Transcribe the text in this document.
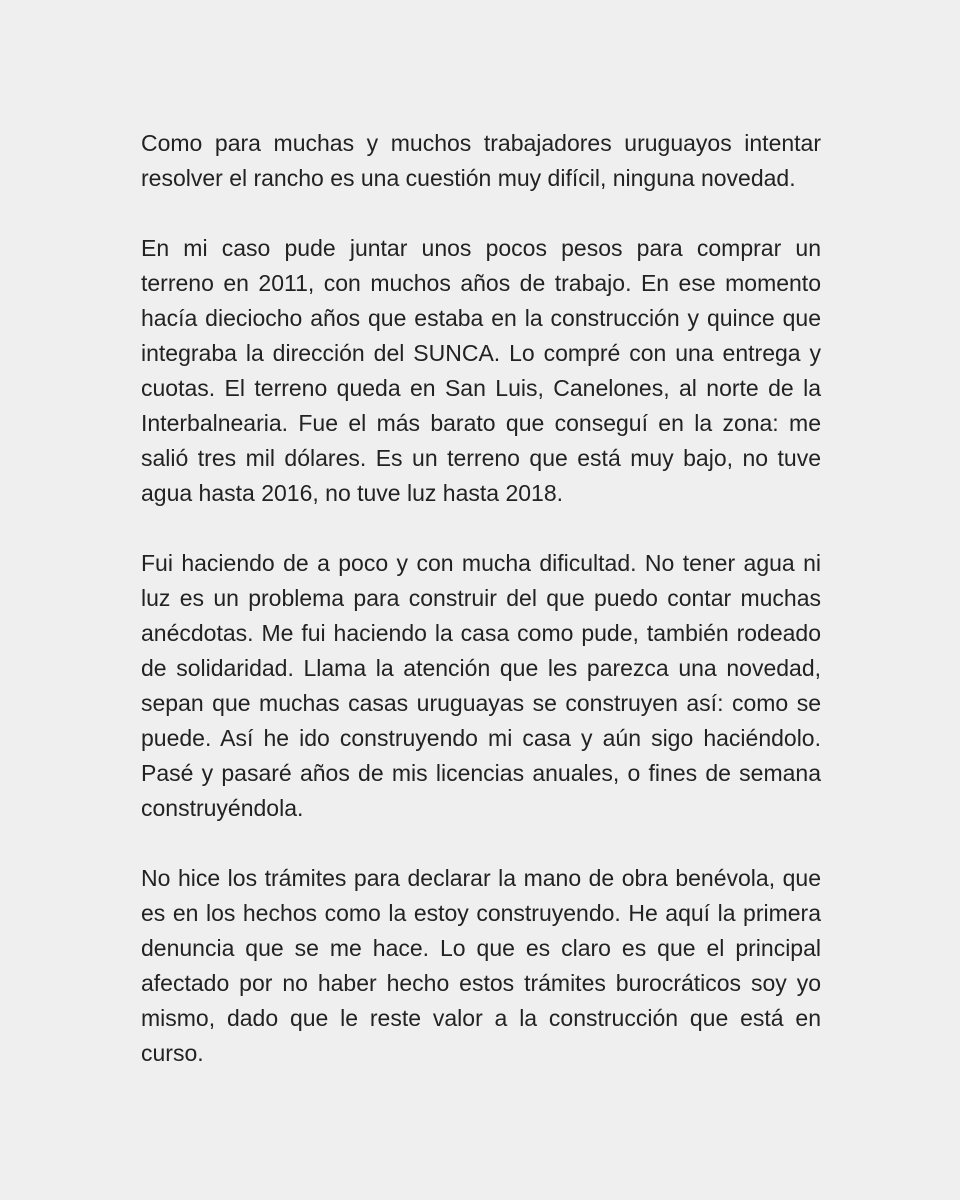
Como para muchas y muchos trabajadores uruguayos intentar resolver el rancho es una cuestión muy difícil, ninguna novedad.

En mi caso pude juntar unos pocos pesos para comprar un terreno en 2011, con muchos años de trabajo. En ese momento hacía dieciocho años que estaba en la construcción y quince que integraba la dirección del SUNCA. Lo compré con una entrega y cuotas. El terreno queda en San Luis, Canelones, al norte de la Interbalnearia. Fue el más barato que conseguí en la zona: me salió tres mil dólares. Es un terreno que está muy bajo, no tuve agua hasta 2016, no tuve luz hasta 2018.

Fui haciendo de a poco y con mucha dificultad. No tener agua ni luz es un problema para construir del que puedo contar muchas anécdotas. Me fui haciendo la casa como pude, también rodeado de solidaridad. Llama la atención que les parezca una novedad, sepan que muchas casas uruguayas se construyen así: como se puede. Así he ido construyendo mi casa y aún sigo haciéndolo. Pasé y pasaré años de mis licencias anuales, o fines de semana construyéndola.

No hice los trámites para declarar la mano de obra benévola, que es en los hechos como la estoy construyendo. He aquí la primera denuncia que se me hace. Lo que es claro es que el principal afectado por no haber hecho estos trámites burocráticos soy yo mismo, dado que le reste valor a la construcción que está en curso.
